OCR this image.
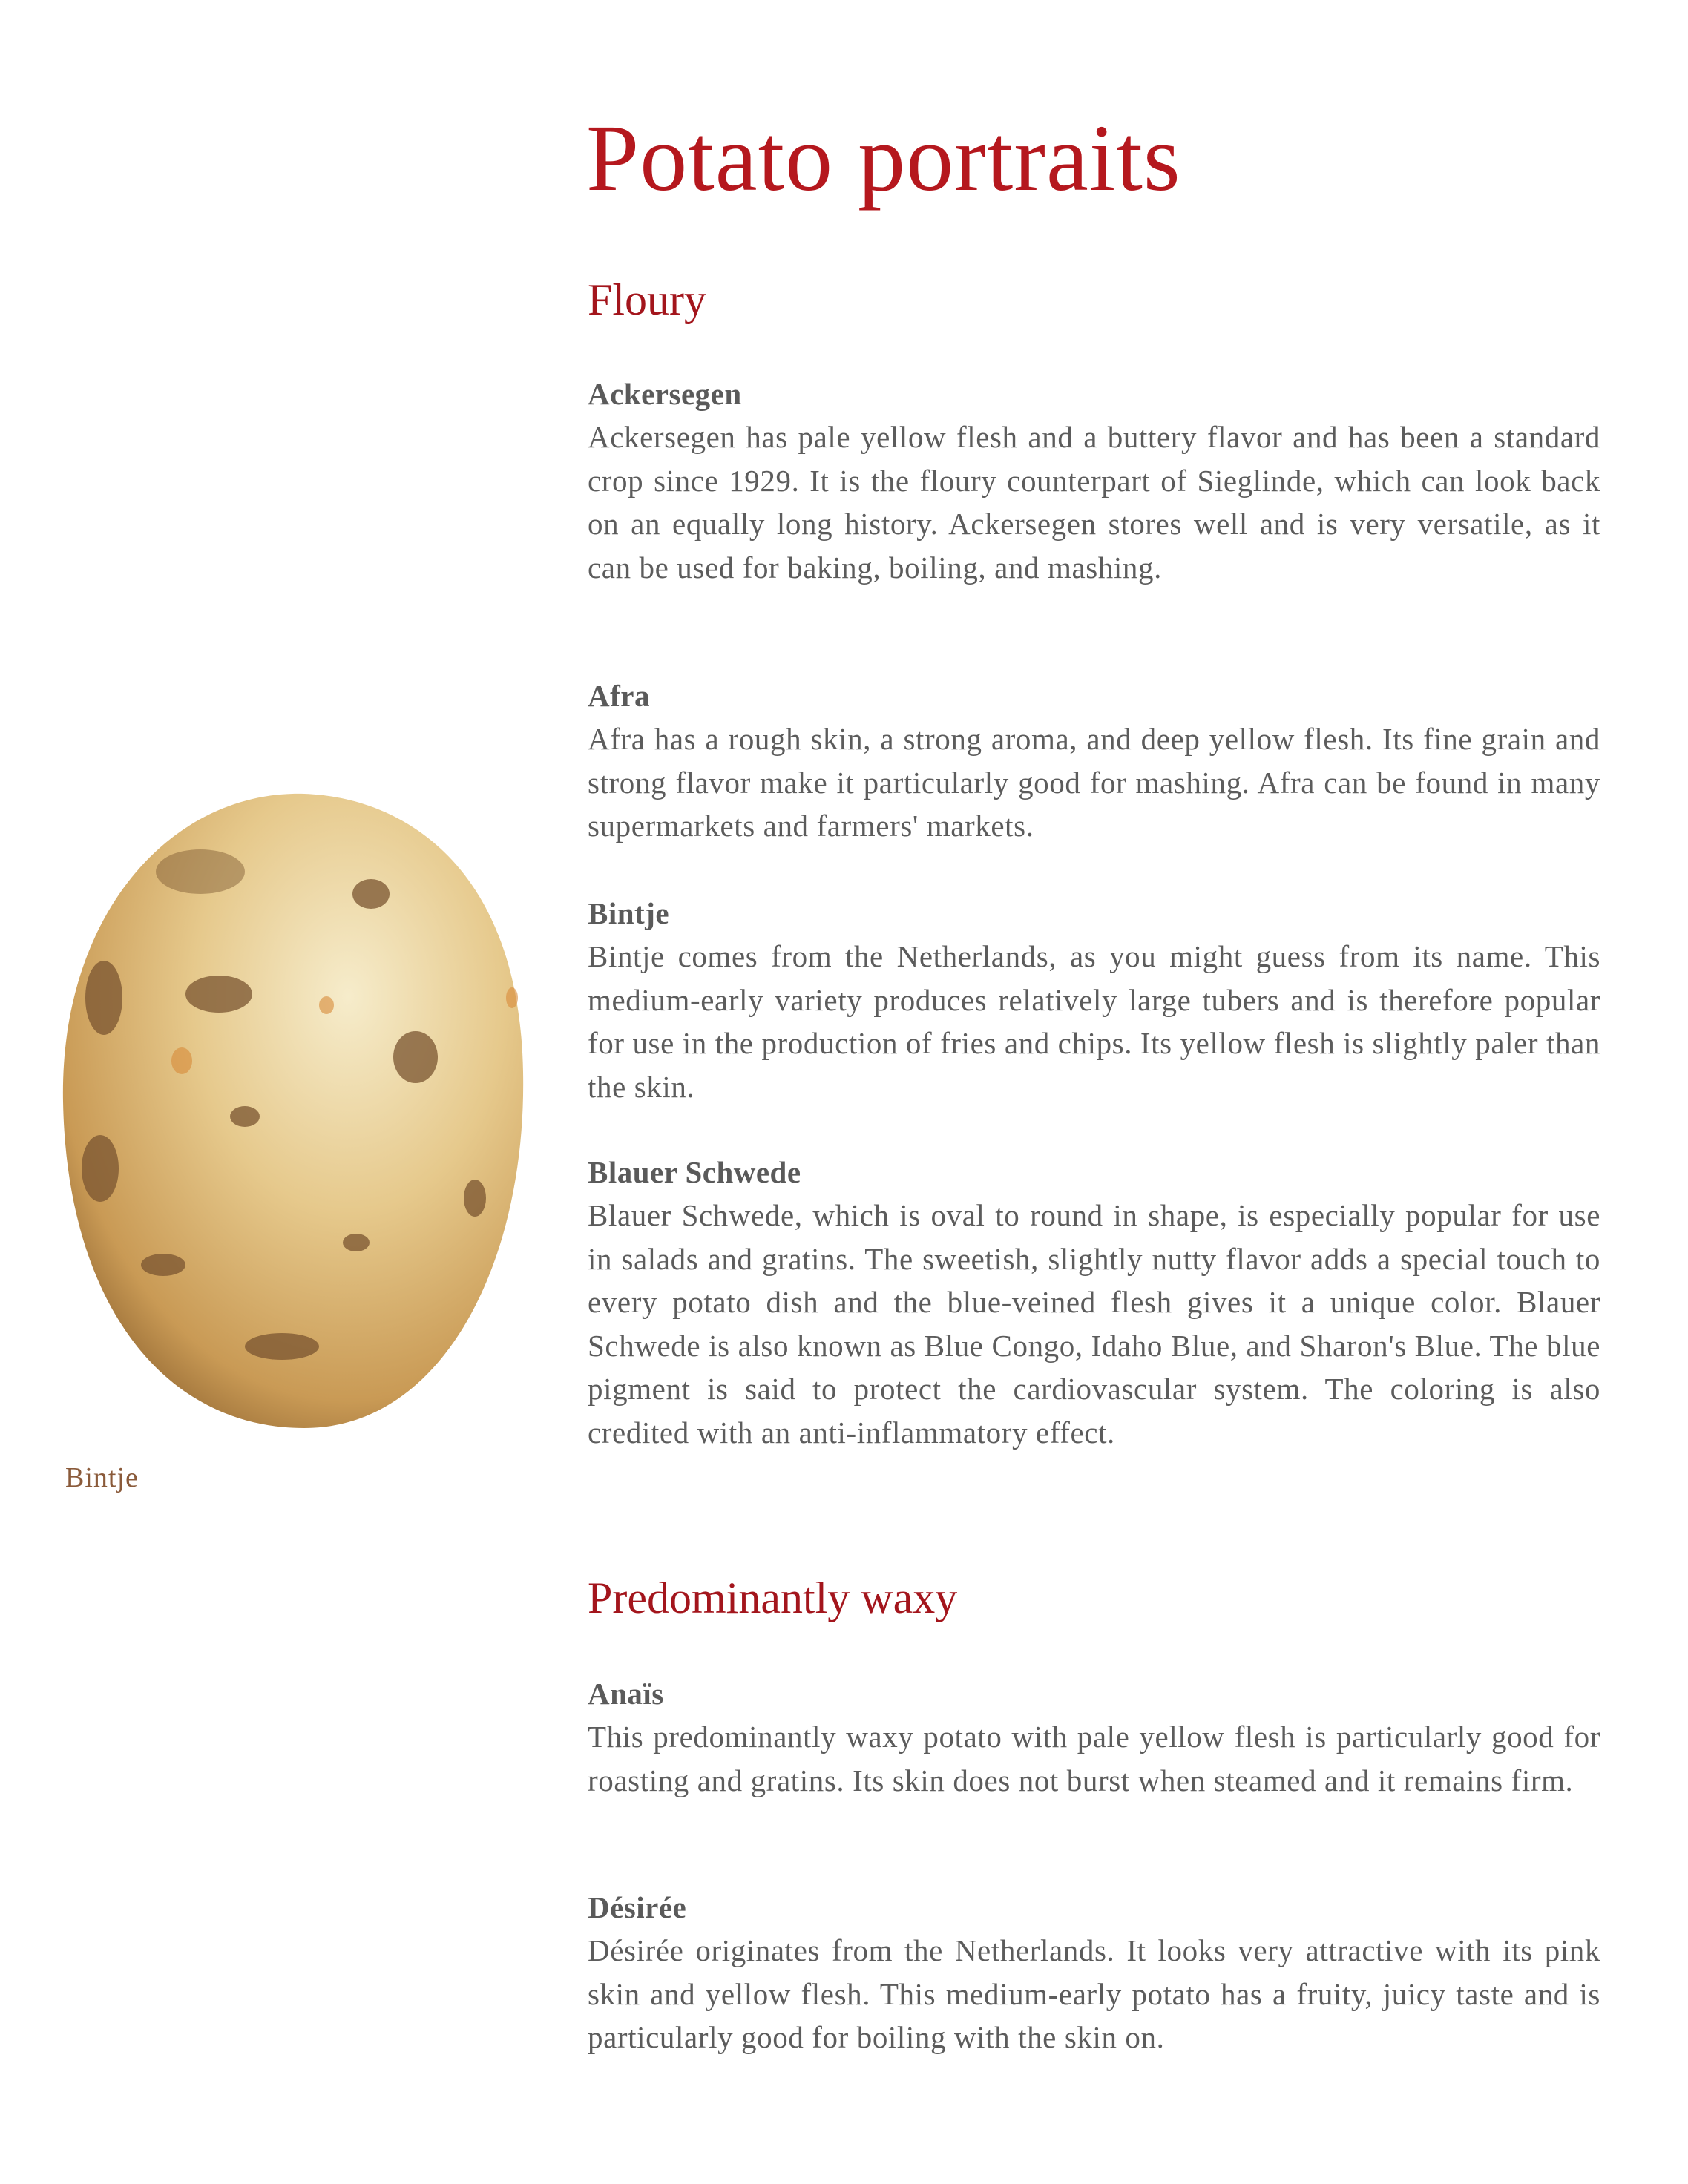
Potato portraits
Bintje
Floury
Ackersegen

Ackersegen has pale yellow flesh and a buttery flavor and has been a standard crop since 1929. It is the floury counterpart of Sieglinde, which can look back on an equally long history. Ackersegen stores well and is very versatile, as it can be used for baking, boiling, and mashing.

Afra

Afra has a rough skin, a strong aroma, and deep yellow flesh. Its fine grain and strong flavor make it particularly good for mashing. Afra can be found in many supermarkets and farmers' markets.

Bintje

Bintje comes from the Netherlands, as you might guess from its name. This medium-early variety produces relatively large tubers and is therefore popular for use in the production of fries and chips. Its yellow flesh is slightly paler than the skin.

Blauer Schwede

Blauer Schwede, which is oval to round in shape, is especially popular for use in salads and gratins. The sweetish, slightly nutty flavor adds a special touch to every potato dish and the blue-veined flesh gives it a unique color. Blauer Schwede is also known as Blue Congo, Idaho Blue, and Sharon's Blue. The blue pigment is said to protect the cardiovascular system. The coloring is also credited with an anti-inflammatory effect.

Predominantly waxy
Anaïs

This predominantly waxy potato with pale yellow flesh is particularly good for roasting and gratins. Its skin does not burst when steamed and it remains firm.

Désirée

Désirée originates from the Netherlands. It looks very attractive with its pink skin and yellow flesh. This medium-early potato has a fruity, juicy taste and is particularly good for boiling with the skin on.
